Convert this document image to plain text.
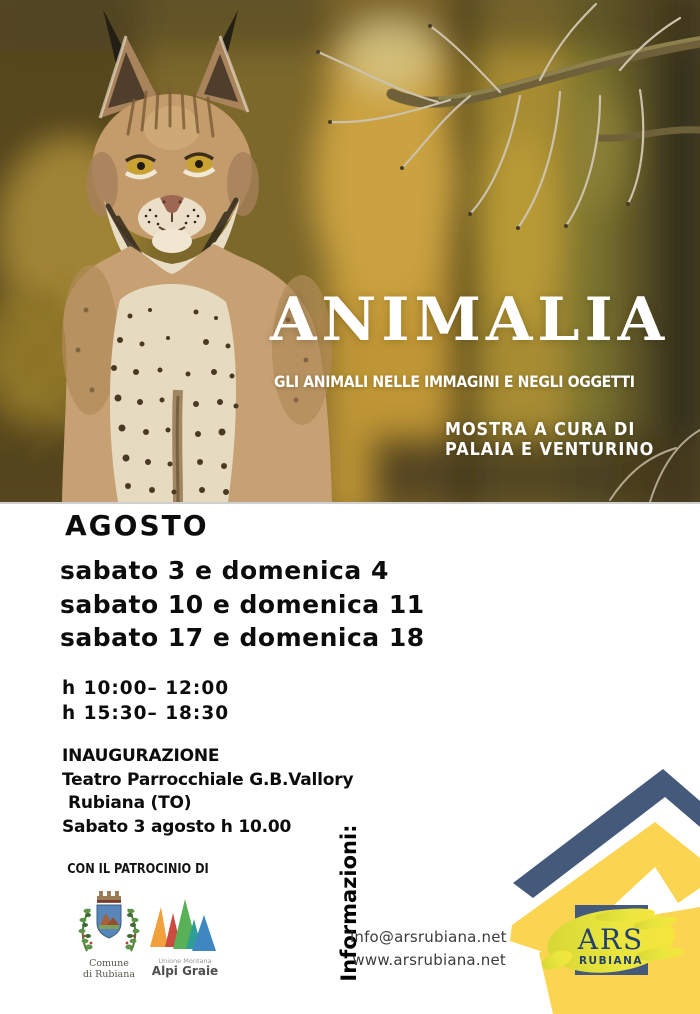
ANIMALIA
GLI ANIMALI NELLE IMMAGINI E NEGLI OGGETTI
MOSTRA A CURA DI
PALAIA E VENTURINO
AGOSTO
sabato 3 e domenica 4
sabato 10 e domenica 11
sabato 17 e domenica 18
h 10:00– 12:00
h 15:30– 18:30
INAUGURAZIONE
Teatro Parrocchiale G.B.Vallory
Rubiana (TO)
Sabato 3 agosto h 10.00
CON IL PATROCINIO DI
Comune
di Rubiana
Unione Montana
Alpi Graie	Informazioni:
info@arsrubiana.net
www.arsrubiana.net
ARS
RUBIANA
